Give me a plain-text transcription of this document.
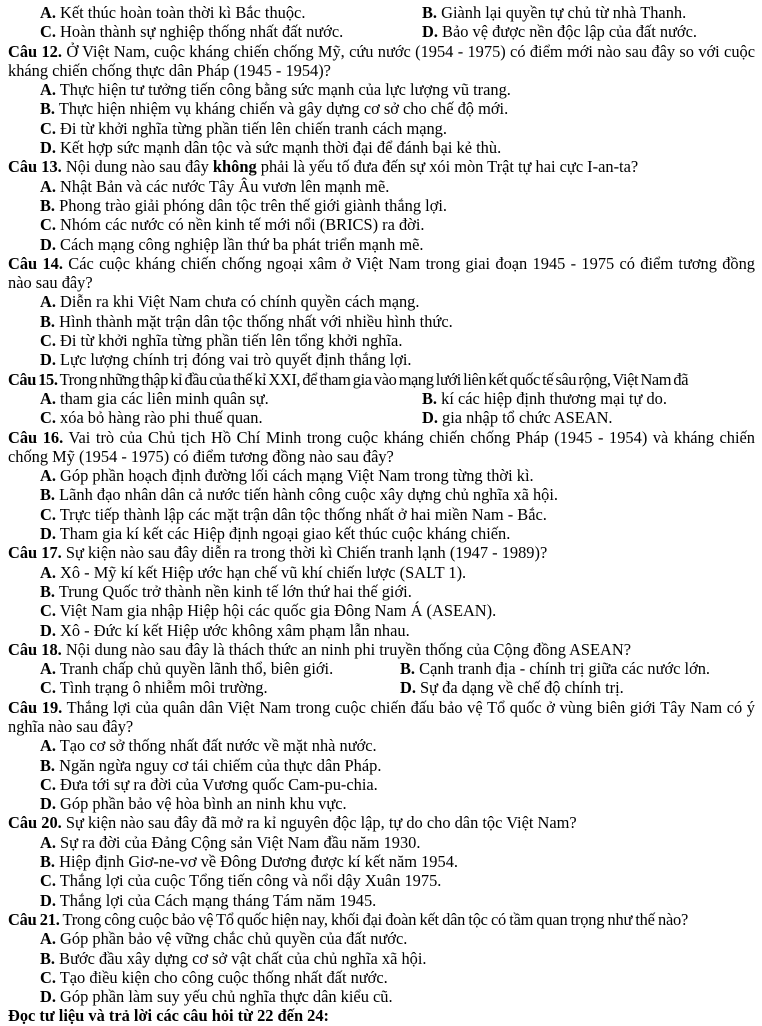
A. Kết thúc hoàn toàn thời kì Bắc thuộc.	B. Giành lại quyền tự chủ từ nhà Thanh.

C. Hoàn thành sự nghiệp thống nhất đất nước.	D. Bảo vệ được nền độc lập của đất nước.

Câu 12. Ở Việt Nam, cuộc kháng chiến chống Mỹ, cứu nước (1954 - 1975) có điểm mới nào sau đây so với cuộc kháng chiến chống thực dân Pháp (1945 - 1954)?

A. Thực hiện tư tưởng tiến công bằng sức mạnh của lực lượng vũ trang.

B. Thực hiện nhiệm vụ kháng chiến và gây dựng cơ sở cho chế độ mới.

C. Đi từ khởi nghĩa từng phần tiến lên chiến tranh cách mạng.

D. Kết hợp sức mạnh dân tộc và sức mạnh thời đại để đánh bại kẻ thù.

Câu 13. Nội dung nào sau đây không phải là yếu tố đưa đến sự xói mòn Trật tự hai cực I-an-ta?

A. Nhật Bản và các nước Tây Âu vươn lên mạnh mẽ.

B. Phong trào giải phóng dân tộc trên thế giới giành thắng lợi.

C. Nhóm các nước có nền kinh tế mới nổi (BRICS) ra đời.

D. Cách mạng công nghiệp lần thứ ba phát triển mạnh mẽ.

Câu 14. Các cuộc kháng chiến chống ngoại xâm ở Việt Nam trong giai đoạn 1945 - 1975 có điểm tương đồng nào sau đây?

A. Diễn ra khi Việt Nam chưa có chính quyền cách mạng.

B. Hình thành mặt trận dân tộc thống nhất với nhiều hình thức.

C. Đi từ khởi nghĩa từng phần tiến lên tổng khởi nghĩa.

D. Lực lượng chính trị đóng vai trò quyết định thắng lợi.

Câu 15. Trong những thập kỉ đầu của thế kỉ XXI, để tham gia vào mạng lưới liên kết quốc tế sâu rộng, Việt Nam đã

A. tham gia các liên minh quân sự.	B. kí các hiệp định thương mại tự do.

C. xóa bỏ hàng rào phi thuế quan.	D. gia nhập tổ chức ASEAN.

Câu 16. Vai trò của Chủ tịch Hồ Chí Minh trong cuộc kháng chiến chống Pháp (1945 - 1954) và kháng chiến chống Mỹ (1954 - 1975) có điểm tương đồng nào sau đây?

A. Góp phần hoạch định đường lối cách mạng Việt Nam trong từng thời kì.

B. Lãnh đạo nhân dân cả nước tiến hành công cuộc xây dựng chủ nghĩa xã hội.

C. Trực tiếp thành lập các mặt trận dân tộc thống nhất ở hai miền Nam - Bắc.

D. Tham gia kí kết các Hiệp định ngoại giao kết thúc cuộc kháng chiến.

Câu 17. Sự kiện nào sau đây diễn ra trong thời kì Chiến tranh lạnh (1947 - 1989)?

A. Xô - Mỹ kí kết Hiệp ước hạn chế vũ khí chiến lược (SALT 1).

B. Trung Quốc trở thành nền kinh tế lớn thứ hai thế giới.

C. Việt Nam gia nhập Hiệp hội các quốc gia Đông Nam Á (ASEAN).

D. Xô - Đức kí kết Hiệp ước không xâm phạm lẫn nhau.

Câu 18. Nội dung nào sau đây là thách thức an ninh phi truyền thống của Cộng đồng ASEAN?

A. Tranh chấp chủ quyền lãnh thổ, biên giới.	B. Cạnh tranh địa - chính trị giữa các nước lớn.

C. Tình trạng ô nhiễm môi trường.	D. Sự đa dạng về chế độ chính trị.

Câu 19. Thắng lợi của quân dân Việt Nam trong cuộc chiến đấu bảo vệ Tổ quốc ở vùng biên giới Tây Nam có ý nghĩa nào sau đây?

A. Tạo cơ sở thống nhất đất nước về mặt nhà nước.

B. Ngăn ngừa nguy cơ tái chiếm của thực dân Pháp.

C. Đưa tới sự ra đời của Vương quốc Cam-pu-chia.

D. Góp phần bảo vệ hòa bình an ninh khu vực.

Câu 20. Sự kiện nào sau đây đã mở ra kỉ nguyên độc lập, tự do cho dân tộc Việt Nam?

A. Sự ra đời của Đảng Cộng sản Việt Nam đầu năm 1930.

B. Hiệp định Giơ-ne-vơ về Đông Dương được kí kết năm 1954.

C. Thắng lợi của cuộc Tổng tiến công và nổi dậy Xuân 1975.

D. Thắng lợi của Cách mạng tháng Tám năm 1945.

Câu 21. Trong công cuộc bảo vệ Tổ quốc hiện nay, khối đại đoàn kết dân tộc có tầm quan trọng như thế nào?

A. Góp phần bảo vệ vững chắc chủ quyền của đất nước.

B. Bước đầu xây dựng cơ sở vật chất của chủ nghĩa xã hội.

C. Tạo điều kiện cho công cuộc thống nhất đất nước.

D. Góp phần làm suy yếu chủ nghĩa thực dân kiểu cũ.

Đọc tư liệu và trả lời các câu hỏi từ 22 đến 24:
